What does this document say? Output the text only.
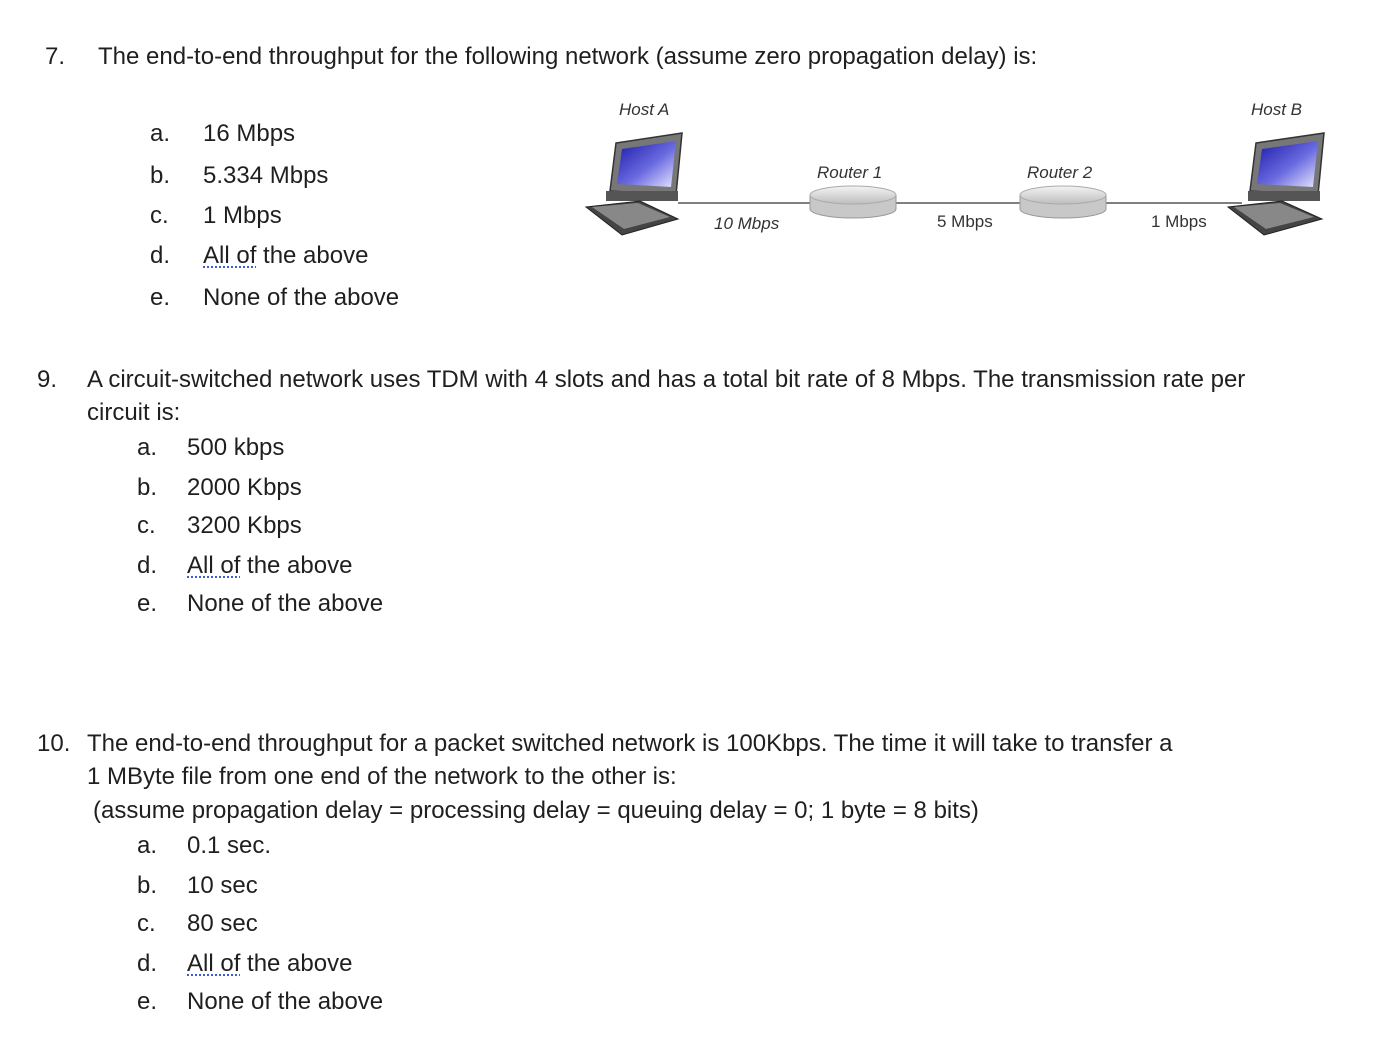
7. The end-to-end throughput for the following network (assume zero propagation delay) is:
a. 16 Mbps
b. 5.334 Mbps
c. 1 Mbps
d. All of the above
e. None of the above
Host A	Host B
Router 1	Router 2
10 Mbps	5 Mbps	1 Mbps
9. A circuit-switched network uses TDM with 4 slots and has a total bit rate of 8 Mbps. The transmission rate per
circuit is:
a. 500 kbps
b. 2000 Kbps
c. 3200 Kbps
d. All of the above
e. None of the above
10. The end-to-end throughput for a packet switched network is 100Kbps. The time it will take to transfer a
1 MByte file from one end of the network to the other is:
(assume propagation delay = processing delay = queuing delay = 0; 1 byte = 8 bits)
a. 0.1 sec.
b. 10 sec
c. 80 sec
d. All of the above
e. None of the above
